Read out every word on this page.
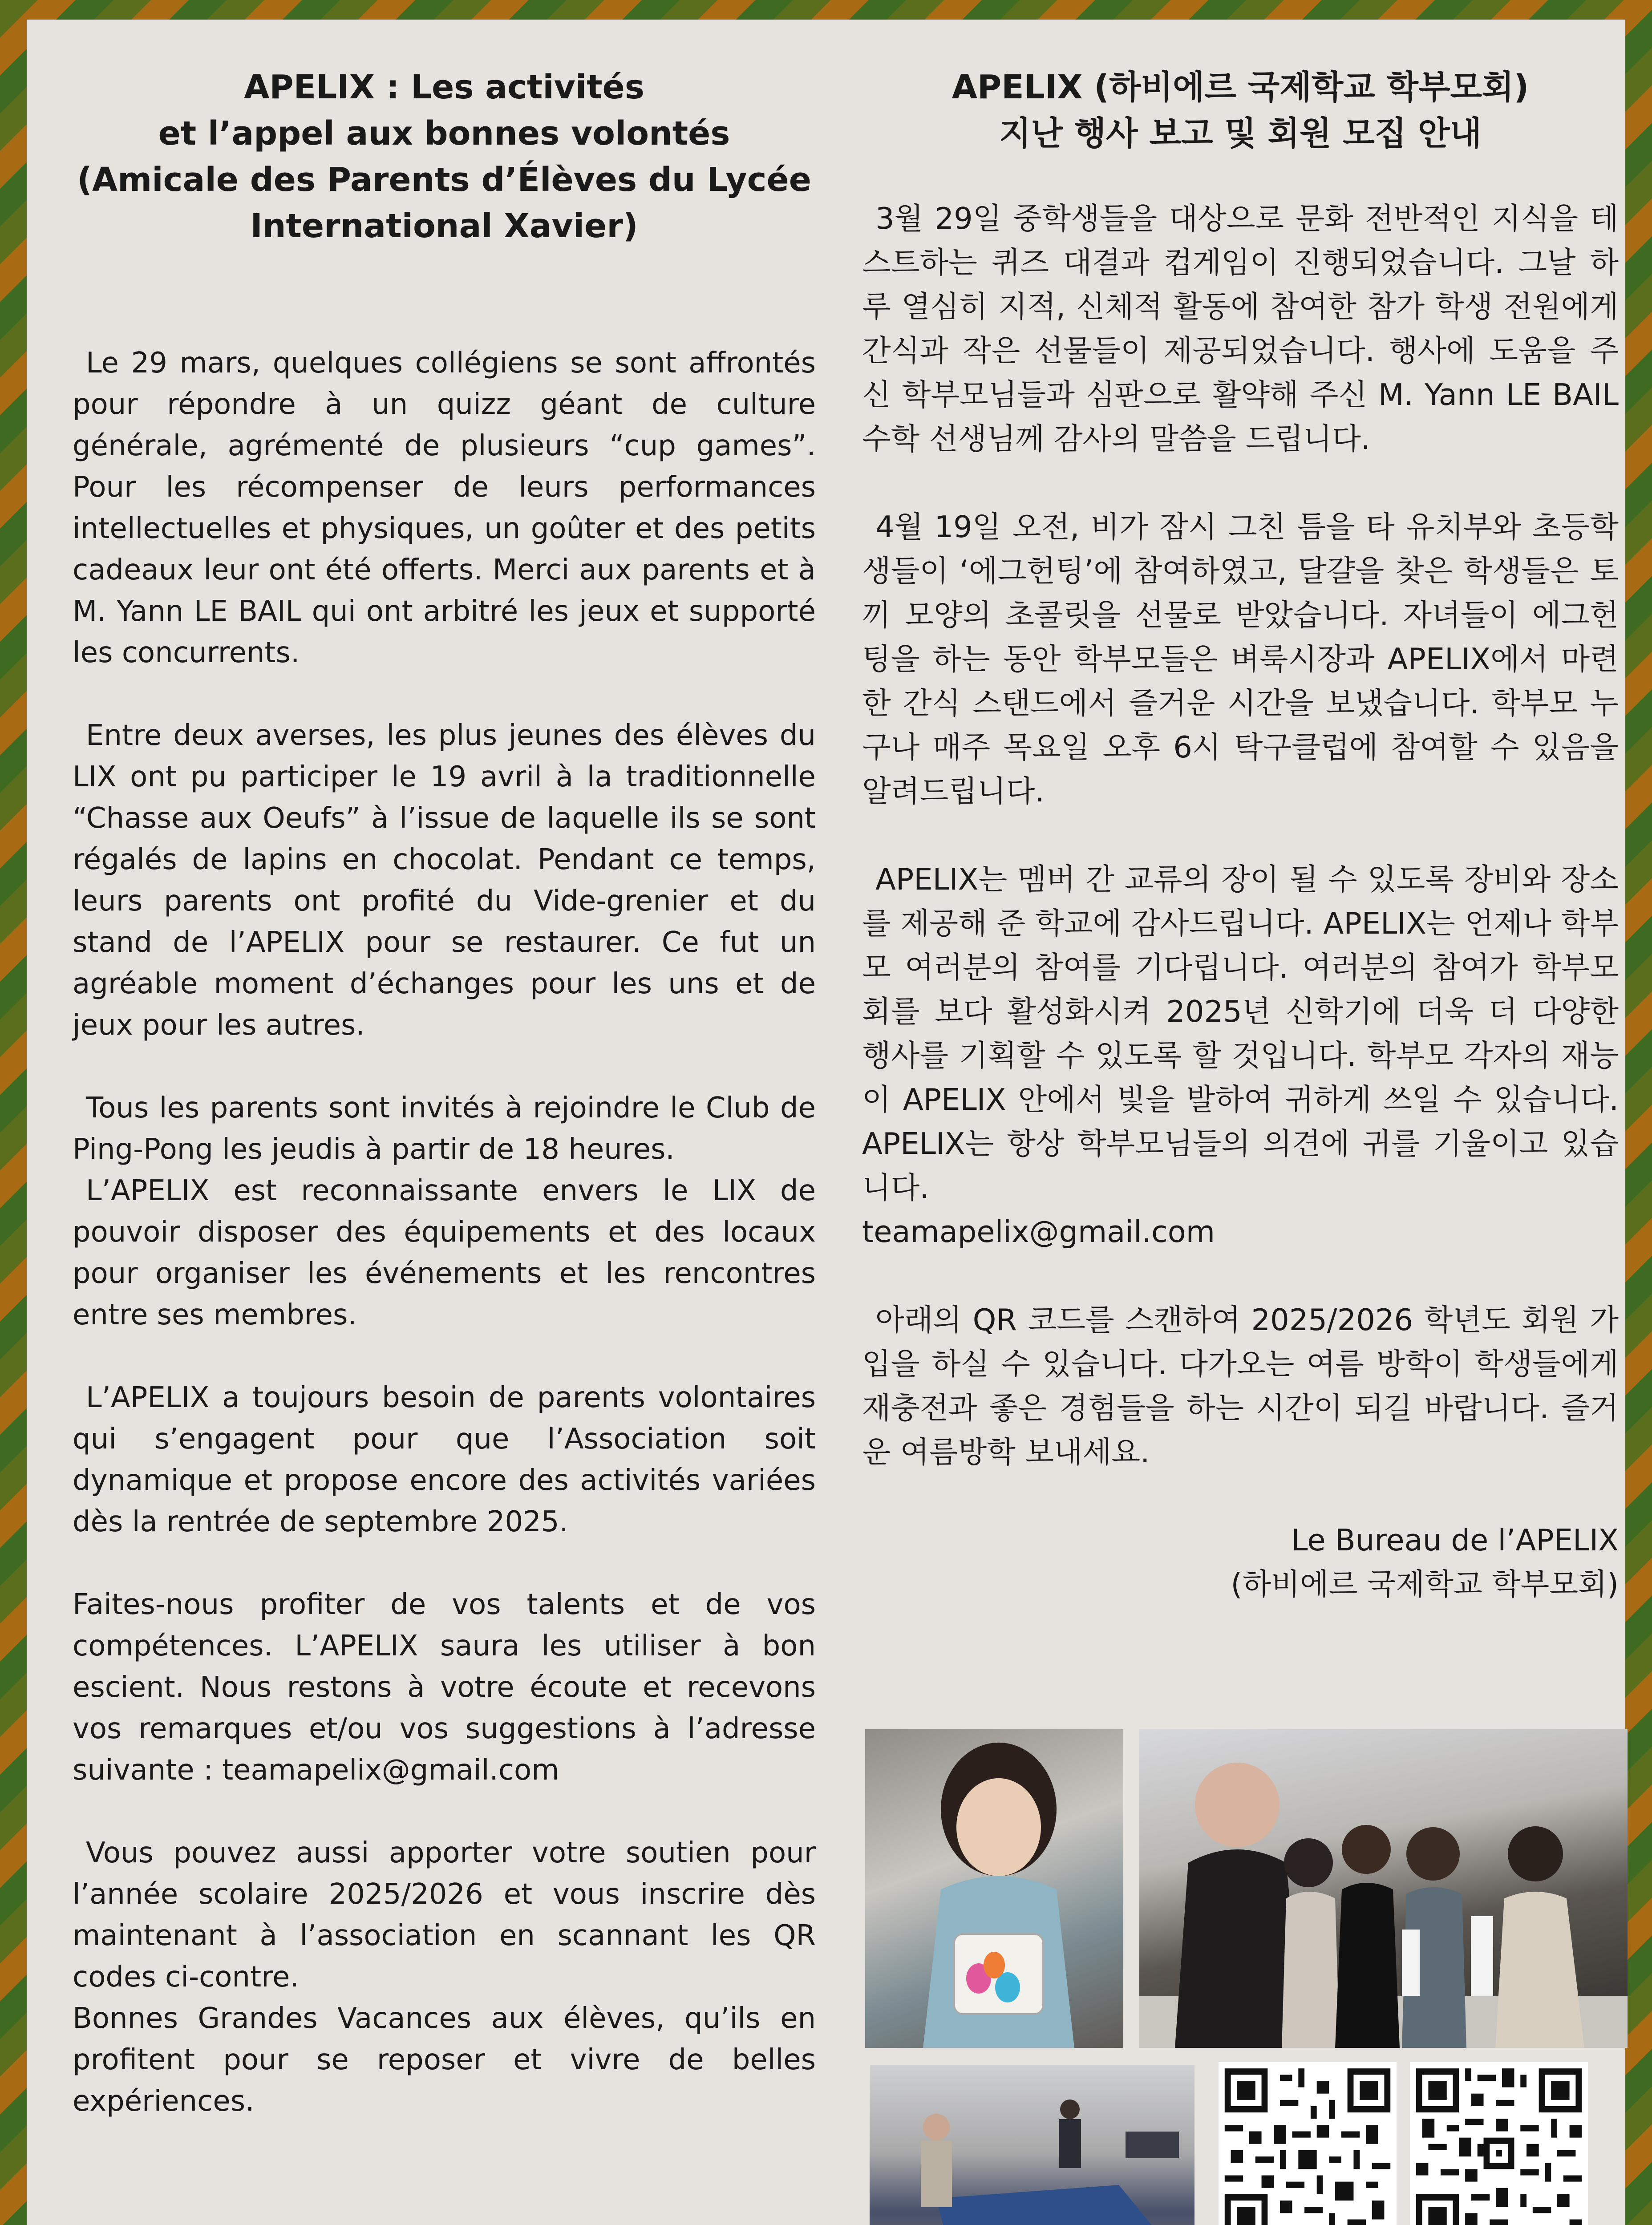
APELIX : Les activités
et l’appel aux bonnes volontés
(Amicale des Parents d’Élèves du Lycée
International Xavier)

Le 29 mars, quelques collégiens se sont affrontés pour répondre à un quizz géant de culture générale, agrémenté de plusieurs “cup games”. Pour les récompenser de leurs performances intellectuelles et physiques, un goûter et des petits cadeaux leur ont été offerts. Merci aux parents et à M. Yann LE BAIL qui ont arbitré les jeux et supporté les concurrents.

Entre deux averses, les plus jeunes des élèves du LIX ont pu participer le 19 avril à la traditionnelle “Chasse aux Oeufs” à l’issue de laquelle ils se sont régalés de lapins en chocolat. Pendant ce temps, leurs parents ont profité du Vide-grenier et du stand de l’APELIX pour se restaurer. Ce fut un agréable moment d’échanges pour les uns et de jeux pour les autres.

Tous les parents sont invités à rejoindre le Club de Ping-Pong les jeudis à partir de 18 heures.

L’APELIX est reconnaissante envers le LIX de pouvoir disposer des équipements et des locaux pour organiser les événements et les rencontres entre ses membres.

L’APELIX a toujours besoin de parents volontaires qui s’engagent pour que l’Association soit dynamique et propose encore des activités variées dès la rentrée de septembre 2025.

Faites-nous profiter de vos talents et de vos compétences. L’APELIX saura les utiliser à bon escient. Nous restons à votre écoute et recevons vos remarques et/ou vos suggestions à l’adresse suivante : teamapelix@gmail.com

Vous pouvez aussi apporter votre soutien pour l’année scolaire 2025/2026 et vous inscrire dès maintenant à l’association en scannant les QR codes ci-contre.

Bonnes Grandes Vacances aux élèves, qu’ils en profitent pour se reposer et vivre de belles expériences.

APELIX (하비에르 국제학교 학부모회)
지난 행사 보고 및 회원 모집 안내

3월 29일 중학생들을 대상으로 문화 전반적인 지식을 테스트하는 퀴즈 대결과 컵게임이 진행되었습니다. 그날 하루 열심히 지적, 신체적 활동에 참여한 참가 학생 전원에게 간식과 작은 선물들이 제공되었습니다. 행사에 도움을 주신 학부모님들과 심판으로 활약해 주신 M. Yann LE BAIL 수학 선생님께 감사의 말씀을 드립니다.

4월 19일 오전, 비가 잠시 그친 틈을 타 유치부와 초등학생들이 ‘에그헌팅’에 참여하였고, 달걀을 찾은 학생들은 토끼 모양의 초콜릿을 선물로 받았습니다. 자녀들이 에그헌팅을 하는 동안 학부모들은 벼룩시장과 APELIX에서 마련한 간식 스탠드에서 즐거운 시간을 보냈습니다. 학부모 누구나 매주 목요일 오후 6시 탁구클럽에 참여할 수 있음을 알려드립니다.

APELIX는 멤버 간 교류의 장이 될 수 있도록 장비와 장소를 제공해 준 학교에 감사드립니다. APELIX는 언제나 학부모 여러분의 참여를 기다립니다. 여러분의 참여가 학부모회를 보다 활성화시켜 2025년 신학기에 더욱 더 다양한 행사를 기획할 수 있도록 할 것입니다. 학부모 각자의 재능이 APELIX 안에서 빛을 발하여 귀하게 쓰일 수 있습니다. APELIX는 항상 학부모님들의 의견에 귀를 기울이고 있습니다.

teamapelix@gmail.com

아래의 QR 코드를 스캔하여 2025/2026 학년도 회원 가입을 하실 수 있습니다. 다가오는 여름 방학이 학생들에게 재충전과 좋은 경험들을 하는 시간이 되길 바랍니다. 즐거운 여름방학 보내세요.

Le Bureau de l’APELIX
(하비에르 국제학교 학부모회)
